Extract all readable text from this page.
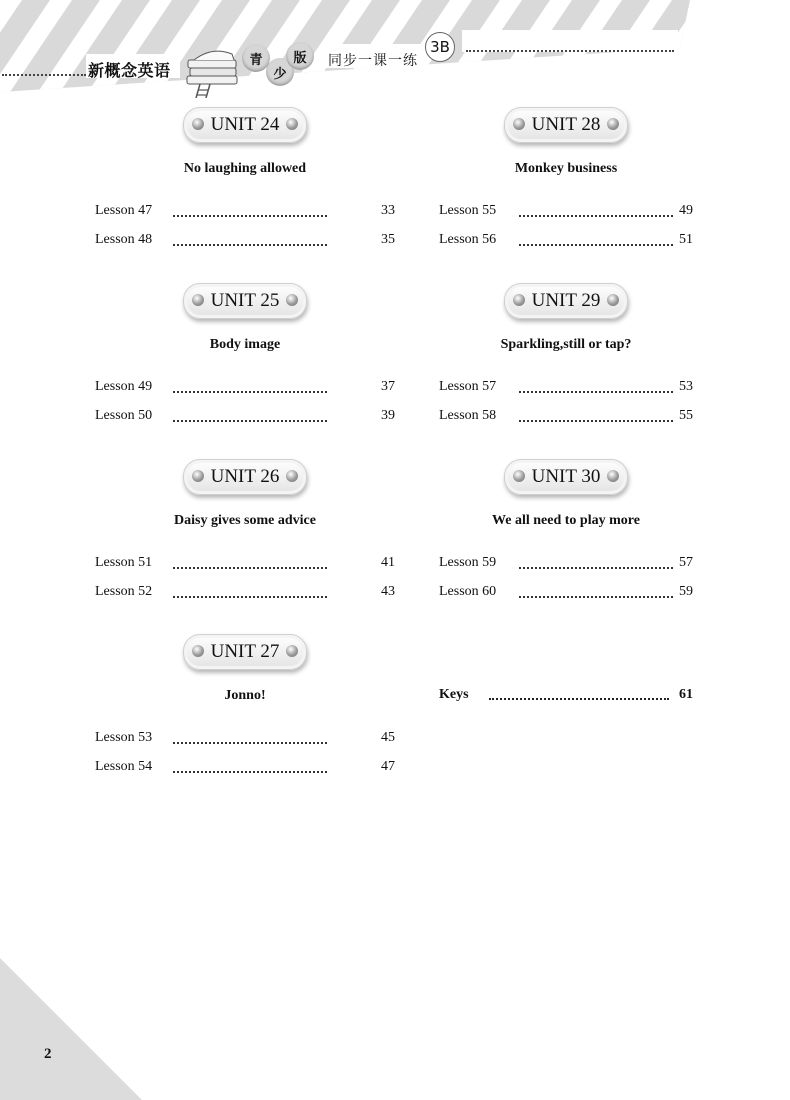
新概念英语
青
少
版	同步一课一练
3B
UNIT 24
No laughing allowed
Lesson 47	33
Lesson 48	35
UNIT 25
Body image
Lesson 49	37
Lesson 50	39
UNIT 26
Daisy gives some advice
Lesson 51	41
Lesson 52	43
UNIT 27
Jonno!
Lesson 53	45
Lesson 54	47
UNIT 28
Monkey business
Lesson 55	49
Lesson 56	51
UNIT 29
Sparkling,still or tap?
Lesson 57	53
Lesson 58	55
UNIT 30
We all need to play more
Lesson 59	57
Lesson 60	59
Keys	61
2
